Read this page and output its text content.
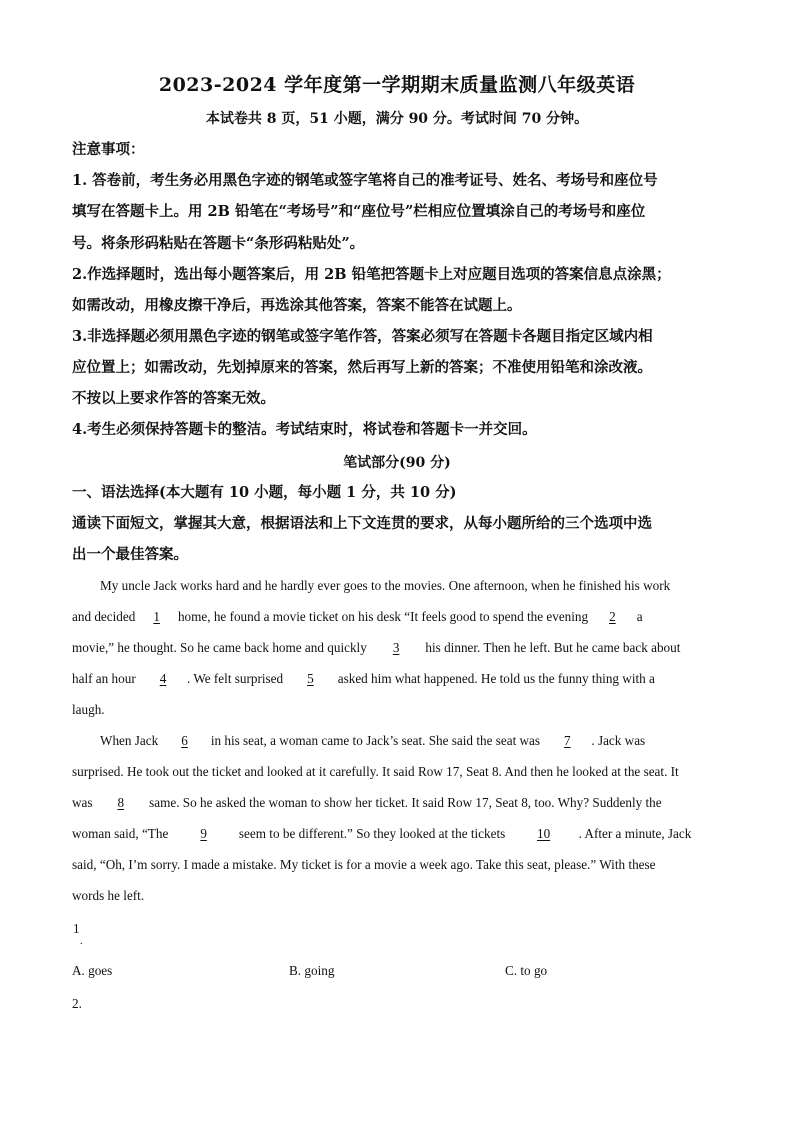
2023-2024 学年度第一学期期末质量监测八年级英语
本试卷共 8 页，51 小题，满分 90 分。考试时间 70 分钟。
注意事项：
1. 答卷前，考生务必用黑色字迹的钢笔或签字笔将自己的准考证号、姓名、考场号和座位号
填写在答题卡上。用 2B 铅笔在“考场号”和“座位号”栏相应位置填涂自己的考场号和座位
号。将条形码粘贴在答题卡“条形码粘贴处”。
2.作选择题时，选出每小题答案后，用 2B 铅笔把答题卡上对应题目选项的答案信息点涂黑；
如需改动，用橡皮擦干净后，再选涂其他答案，答案不能答在试题上。
3.非选择题必须用黑色字迹的钢笔或签字笔作答，答案必须写在答题卡各题目指定区域内相
应位置上；如需改动，先划掉原来的答案，然后再写上新的答案；不准使用铅笔和涂改液。
不按以上要求作答的答案无效。
4.考生必须保持答题卡的整洁。考试结束时，将试卷和答题卡一并交回。
笔试部分(90 分)
一、语法选择(本大题有 10 小题，每小题 1 分，共 10 分)
通读下面短文，掌握其大意，根据语法和上下文连贯的要求，从每小题所给的三个选项中选
出一个最佳答案。
My uncle Jack works hard and he hardly ever goes to the movies. One afternoon, when he finished his work
and decided 1 home, he found a movie ticket on his desk “It feels good to spend the evening 2 a
movie,” he thought. So he came back home and quickly 3 his dinner. Then he left. But he came back about
half an hour 4 . We felt surprised 5 asked him what happened. He told us the funny thing with a
laugh.
When Jack 6 in his seat, a woman came to Jack’s seat. She said the seat was 7 . Jack was
surprised. He took out the ticket and looked at it carefully. It said Row 17, Seat 8. And then he looked at the seat. It
was 8 same. So he asked the woman to show her ticket. It said Row 17, Seat 8, too. Why? Suddenly the
woman said, “The 9 seem to be different.” So they looked at the tickets 10 . After a minute, Jack
said, “Oh, I’m sorry. I made a mistake. My ticket is for a movie a week ago. Take this seat, please.” With these
words he left.
1
.
A. goes	B. going	C. to go
2.
